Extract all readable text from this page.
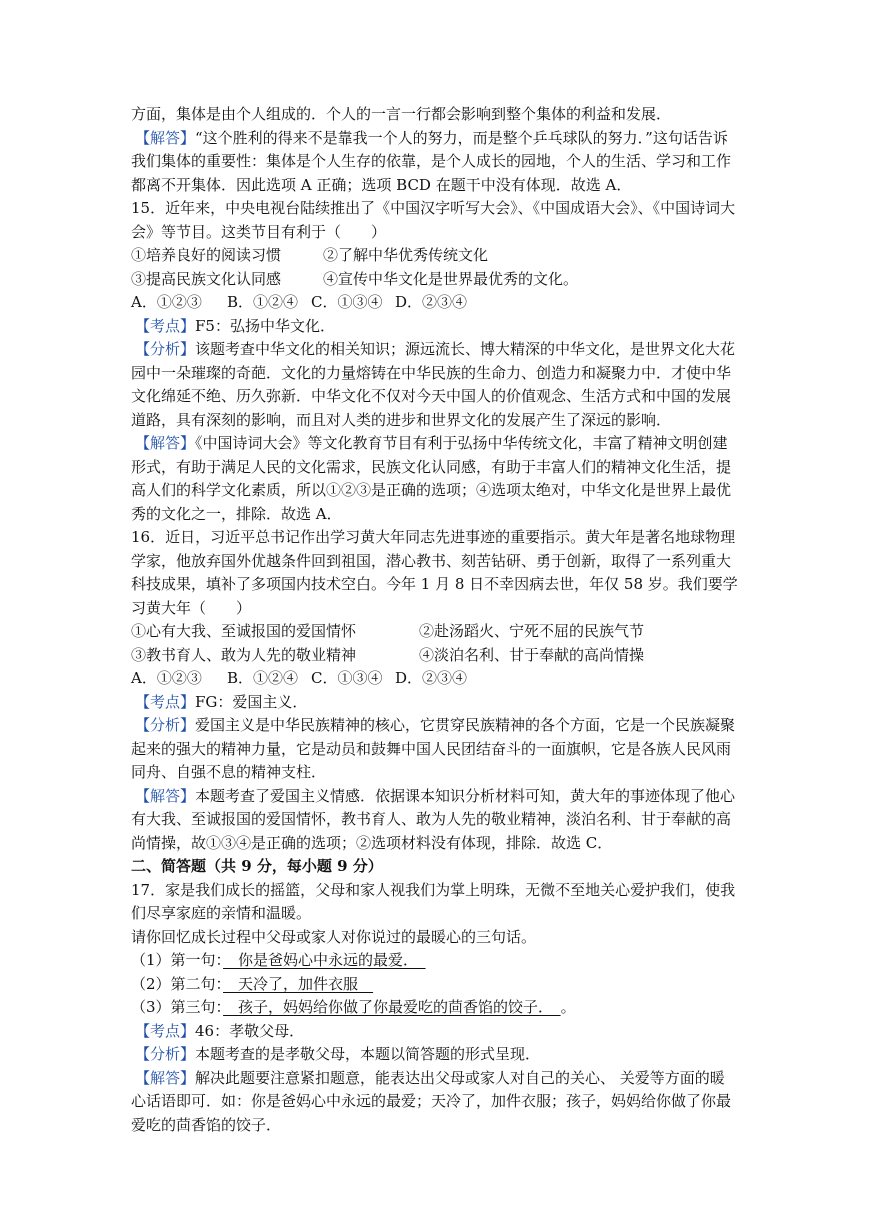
方面，集体是由个人组成的．个人的一言一行都会影响到整个集体的利益和发展．
【解答】“这个胜利的得来不是靠我一个人的努力，而是整个乒乓球队的努力．”这句话告诉
我们集体的重要性：集体是个人生存的依靠，是个人成长的园地，个人的生活、学习和工作
都离不开集体．因此选项 A 正确；选项 BCD 在题干中没有体现．故选 A．
15．近年来，中央电视台陆续推出了《中国汉字听写大会》、《中国成语大会》、《中国诗词大
会》等节目。这类节目有利于（　　）
①培养良好的阅读习惯	②了解中华优秀传统文化
③提高民族文化认同感	④宣传中华文化是世界最优秀的文化。
A．①②③ B．①②④ C．①③④ D．②③④
【考点】F5：弘扬中华文化．
【分析】该题考查中华文化的相关知识；源远流长、博大精深的中华文化，是世界文化大花
园中一朵璀璨的奇葩．文化的力量熔铸在中华民族的生命力、创造力和凝聚力中．才使中华
文化绵延不绝、历久弥新．中华文化不仅对今天中国人的价值观念、生活方式和中国的发展
道路，具有深刻的影响，而且对人类的进步和世界文化的发展产生了深远的影响．
【解答】《中国诗词大会》等文化教育节目有利于弘扬中华传统文化，丰富了精神文明创建
形式，有助于满足人民的文化需求，民族文化认同感，有助于丰富人们的精神文化生活，提
高人们的科学文化素质，所以①②③是正确的选项；④选项太绝对，中华文化是世界上最优
秀的文化之一，排除．故选 A．
16．近日，习近平总书记作出学习黄大年同志先进事迹的重要指示。黄大年是著名地球物理
学家，他放弃国外优越条件回到祖国，潜心教书、刻苦钻研、勇于创新，取得了一系列重大
科技成果，填补了多项国内技术空白。今年 1 月 8 日不幸因病去世，年仅 58 岁。我们要学
习黄大年（　　）
①心有大我、至诚报国的爱国情怀	②赴汤蹈火、宁死不屈的民族气节
③教书育人、敢为人先的敬业精神	④淡泊名利、甘于奉献的高尚情操
A．①②③ B．①②④ C．①③④ D．②③④
【考点】FG：爱国主义．
【分析】爱国主义是中华民族精神的核心，它贯穿民族精神的各个方面，它是一个民族凝聚
起来的强大的精神力量，它是动员和鼓舞中国人民团结奋斗的一面旗帜，它是各族人民风雨
同舟、自强不息的精神支柱．
【解答】本题考查了爱国主义情感．依据课本知识分析材料可知，黄大年的事迹体现了他心
有大我、至诚报国的爱国情怀，教书育人、敢为人先的敬业精神，淡泊名利、甘于奉献的高
尚情操，故①③④是正确的选项；②选项材料没有体现，排除．故选 C．
二、简答题（共 9 分，每小题 9 分）
17．家是我们成长的摇篮，父母和家人视我们为掌上明珠，无微不至地关心爱护我们，使我
们尽享家庭的亲情和温暖。
请你回忆成长过程中父母或家人对你说过的最暖心的三句话。
（1）第一句：　你是爸妈心中永远的最爱．　
（2）第二句：　天冷了，加件衣服　
（3）第三句：　孩子，妈妈给你做了你最爱吃的茴香馅的饺子．　。
【考点】46：孝敬父母．
【分析】本题考查的是孝敬父母，本题以简答题的形式呈现．
【解答】解决此题要注意紧扣题意，能表达出父母或家人对自己的关心、 关爱等方面的暖
心话语即可．如：你是爸妈心中永远的最爱；天冷了，加件衣服；孩子，妈妈给你做了你最
爱吃的茴香馅的饺子．
